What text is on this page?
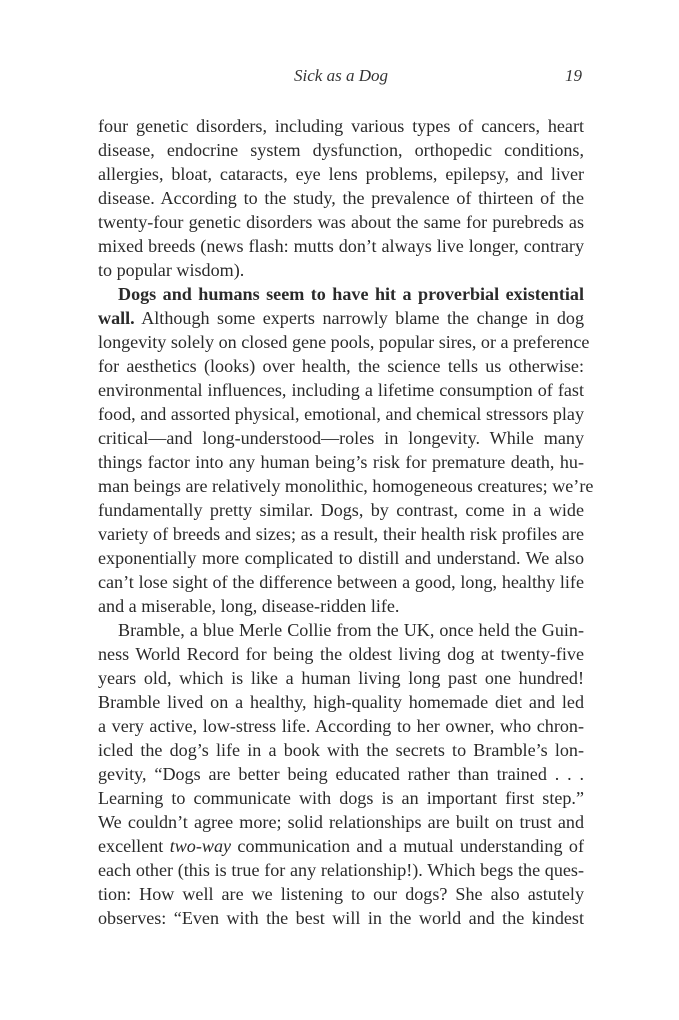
Sick as a Dog	19

four genetic disorders, including various types of cancers, heart
disease, endocrine system dysfunction, orthopedic conditions,
allergies, bloat, cataracts, eye lens problems, epilepsy, and liver
disease. According to the study, the prevalence of thirteen of the
twenty-four genetic disorders was about the same for purebreds as
mixed breeds (news flash: mutts don’t always live longer, contrary
to popular wisdom).

Dogs and humans seem to have hit a proverbial existential
wall. Although some experts narrowly blame the change in dog
longevity solely on closed gene pools, popular sires, or a preference
for aesthetics (looks) over health, the science tells us otherwise:
environmental influences, including a lifetime consumption of fast
food, and assorted physical, emotional, and chemical stressors play
critical—and long-understood—roles in longevity. While many
things factor into any human being’s risk for premature death, hu-
man beings are relatively monolithic, homogeneous creatures; we’re
fundamentally pretty similar. Dogs, by contrast, come in a wide
variety of breeds and sizes; as a result, their health risk profiles are
exponentially more complicated to distill and understand. We also
can’t lose sight of the difference between a good, long, healthy life
and a miserable, long, disease-ridden life.

Bramble, a blue Merle Collie from the UK, once held the Guin-
ness World Record for being the oldest living dog at twenty-five
years old, which is like a human living long past one hundred!
Bramble lived on a healthy, high-quality homemade diet and led
a very active, low-stress life. According to her owner, who chron-
icled the dog’s life in a book with the secrets to Bramble’s lon-
gevity, “Dogs are better being educated rather than trained . . .
Learning to communicate with dogs is an important first step.”
We couldn’t agree more; solid relationships are built on trust and
excellent two-way communication and a mutual understanding of
each other (this is true for any relationship!). Which begs the ques-
tion: How well are we listening to our dogs? She also astutely
observes: “Even with the best will in the world and the kindest
